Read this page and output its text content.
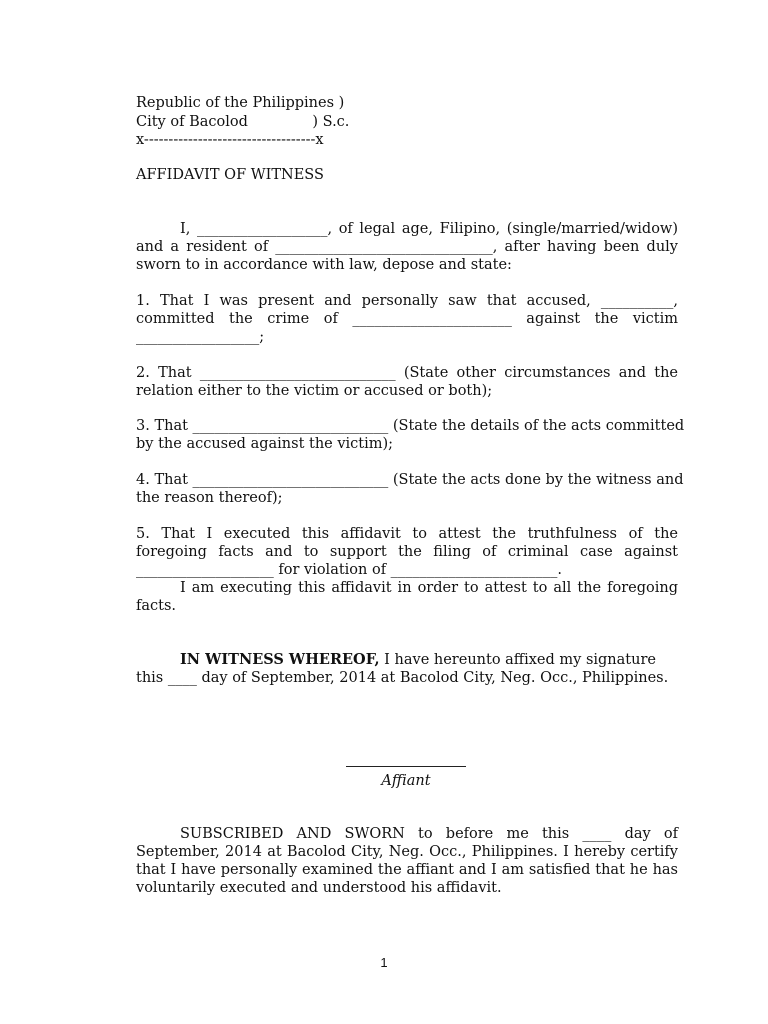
Republic of the Philippines )
City of Bacolod              ) S.c.
x-----------------------------------x
AFFIDAVIT OF WITNESS
I, __________________, of legal age, Filipino, (single/married/widow)
and a resident of ______________________________, after having been duly
sworn to in accordance with law, depose and state:
1. That I was present and personally saw that accused, __________,
committed the crime of ______________________ against the victim
_________________;
2. That ___________________________ (State other circumstances and the
relation either to the victim or accused or both);
3. That ___________________________ (State the details of the acts committed
by the accused against the victim);
4. That ___________________________ (State the acts done by the witness and
the reason thereof);
5. That I executed this affidavit to attest the truthfulness of the
foregoing facts and to support the filing of criminal case against
___________________ for violation of _______________________.
I am executing this affidavit in order to attest to all the foregoing
facts.
IN WITNESS WHEREOF, I have hereunto affixed my signature
this ____ day of September, 2014 at Bacolod City, Neg. Occ., Philippines.
Affiant
SUBSCRIBED AND SWORN to before me this ____ day of
September, 2014 at Bacolod City, Neg. Occ., Philippines. I hereby certify
that I have personally examined the affiant and I am satisfied that he has
voluntarily executed and understood his affidavit.
1
